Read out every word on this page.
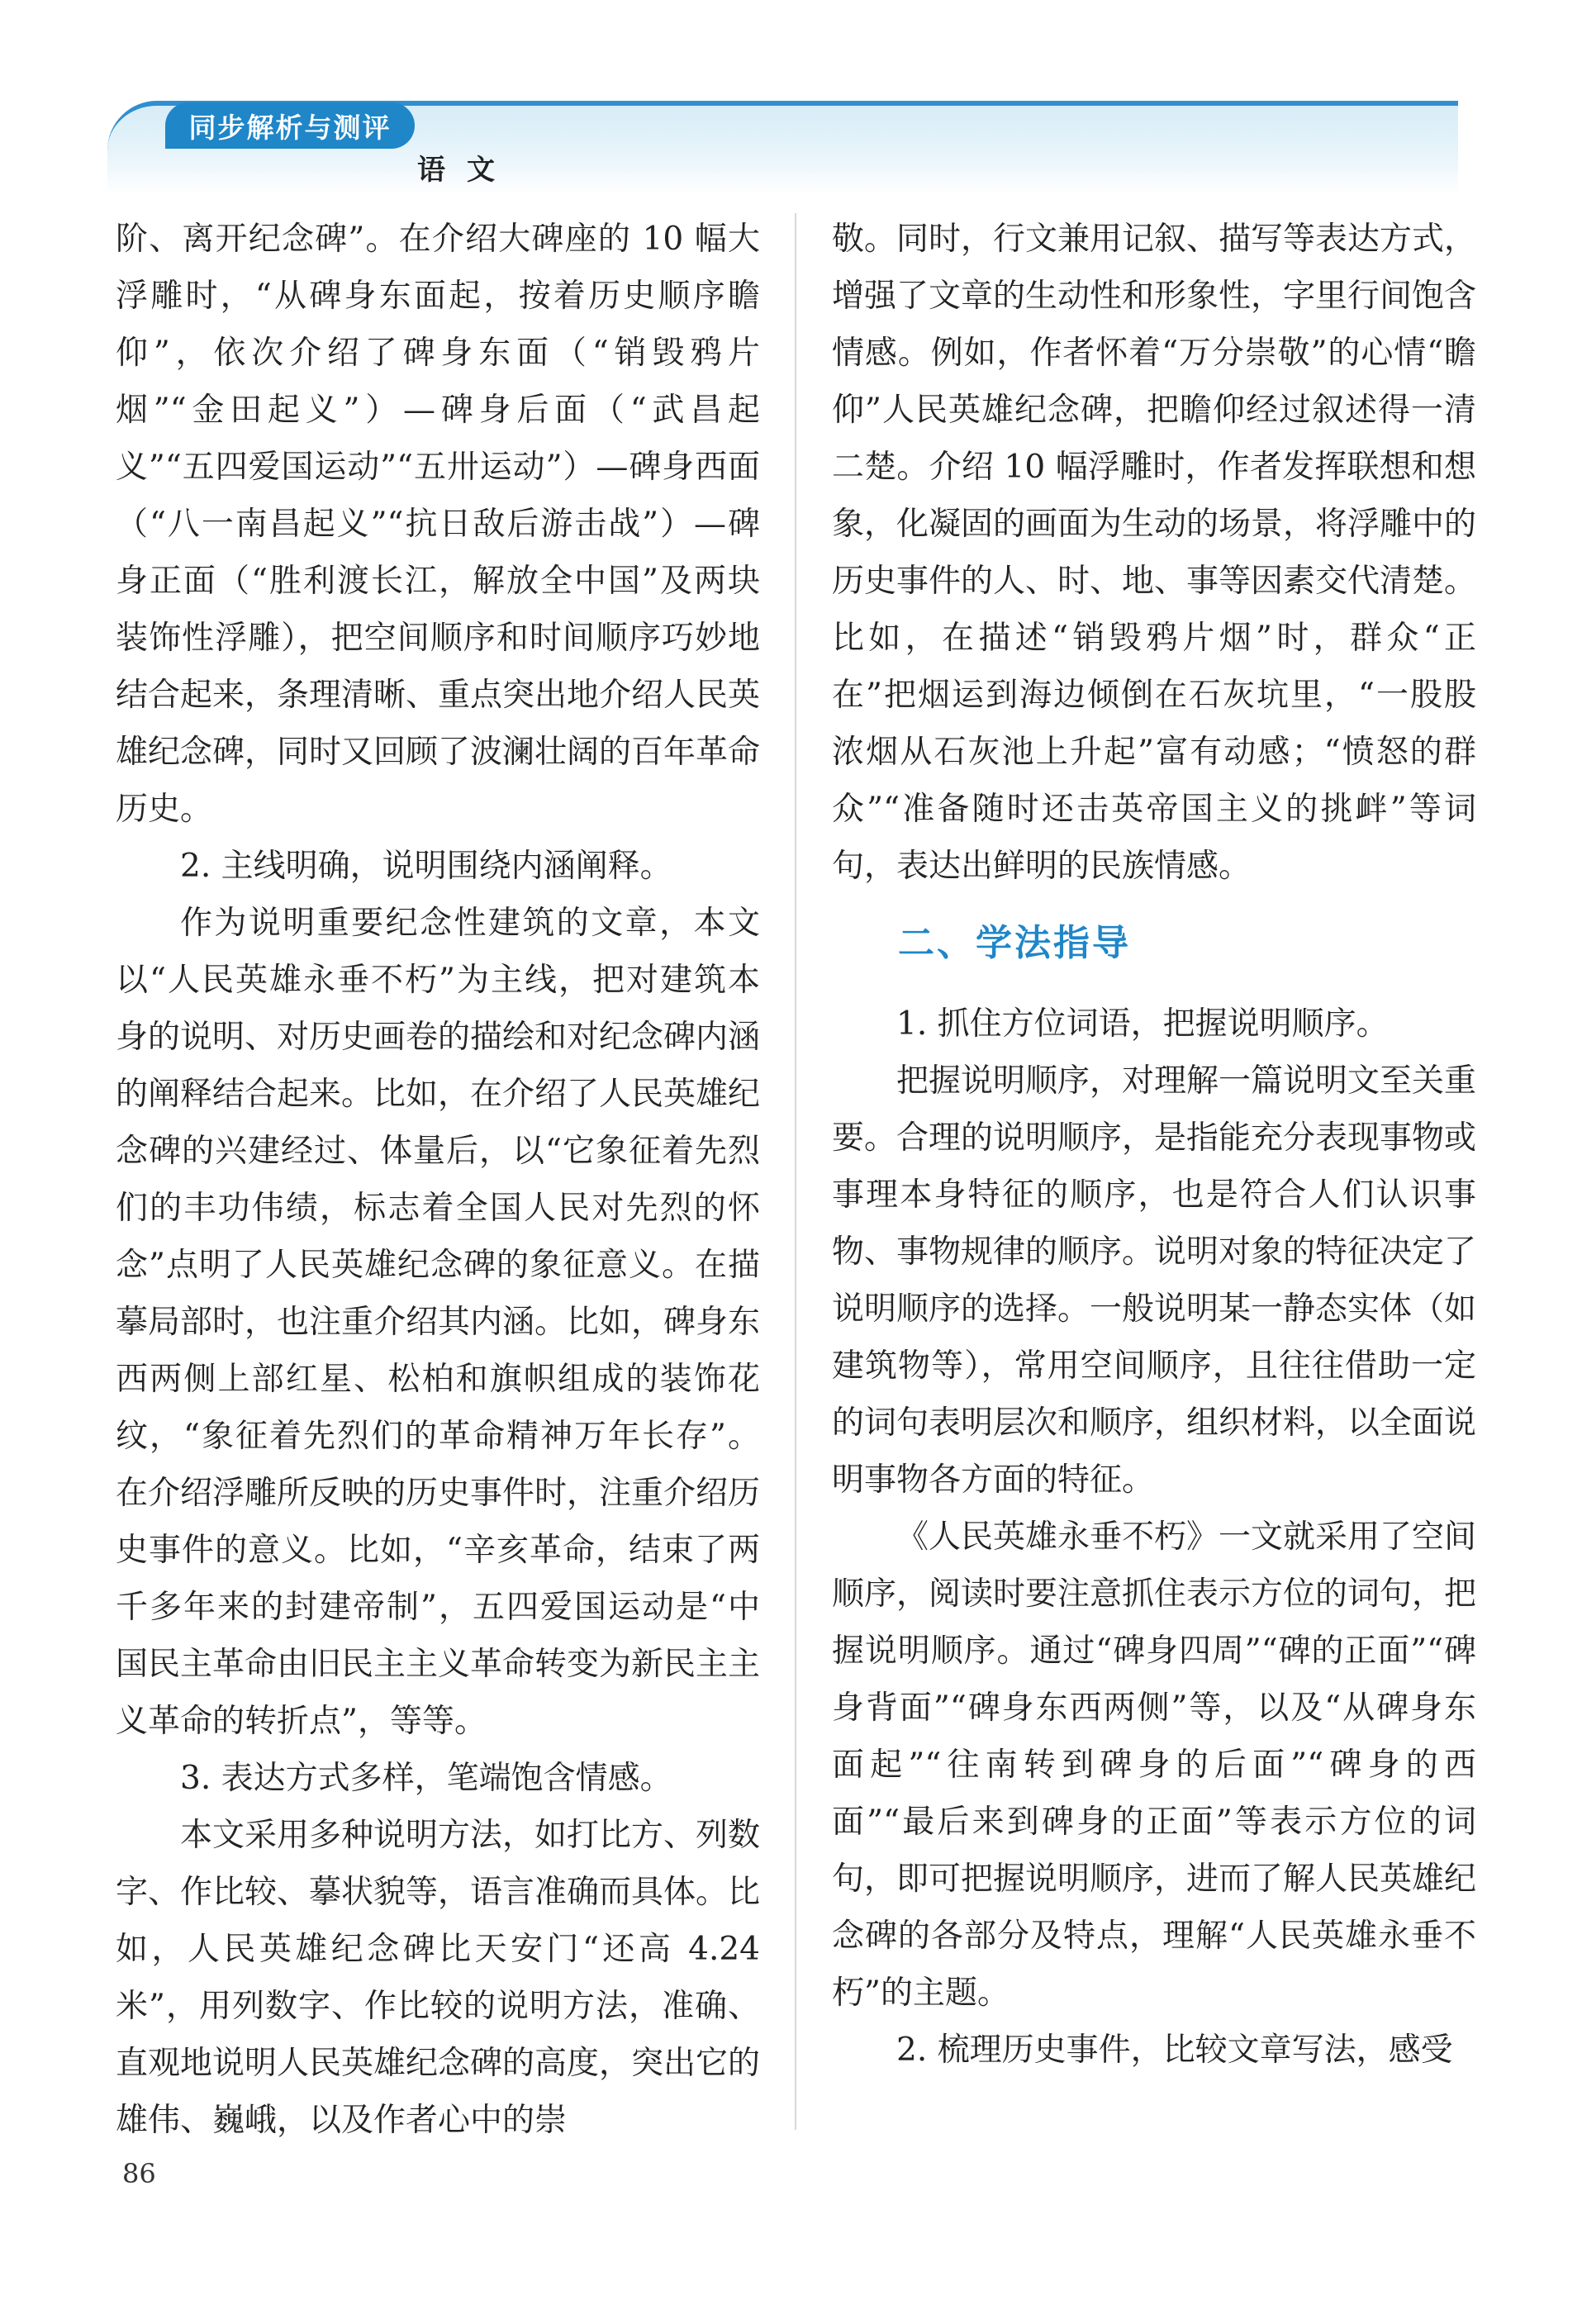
同步解析与测评
语文

阶、离开纪念碑”。在介绍大碑座的 10 幅大浮雕时，“从碑身东面起，按着历史顺序瞻仰”，依次介绍了碑身东面（“销毁鸦片烟”“金田起义”）—碑身后面（“武昌起义”“五四爱国运动”“五卅运动”）—碑身西面（“八一南昌起义”“抗日敌后游击战”）—碑身正面（“胜利渡长江，解放全中国”及两块装饰性浮雕），把空间顺序和时间顺序巧妙地结合起来，条理清晰、重点突出地介绍人民英雄纪念碑，同时又回顾了波澜壮阔的百年革命历史。

2. 主线明确，说明围绕内涵阐释。

作为说明重要纪念性建筑的文章，本文以“人民英雄永垂不朽”为主线，把对建筑本身的说明、对历史画卷的描绘和对纪念碑内涵的阐释结合起来。比如，在介绍了人民英雄纪念碑的兴建经过、体量后，以“它象征着先烈们的丰功伟绩，标志着全国人民对先烈的怀念”点明了人民英雄纪念碑的象征意义。在描摹局部时，也注重介绍其内涵。比如，碑身东西两侧上部红星、松柏和旗帜组成的装饰花纹，“象征着先烈们的革命精神万年长存”。在介绍浮雕所反映的历史事件时，注重介绍历史事件的意义。比如，“辛亥革命，结束了两千多年来的封建帝制”，五四爱国运动是“中国民主革命由旧民主主义革命转变为新民主主义革命的转折点”，等等。

3. 表达方式多样，笔端饱含情感。

本文采用多种说明方法，如打比方、列数字、作比较、摹状貌等，语言准确而具体。比如，人民英雄纪念碑比天安门“还高 4.24 米”，用列数字、作比较的说明方法，准确、直观地说明人民英雄纪念碑的高度，突出它的雄伟、巍峨，以及作者心中的崇

敬。同时，行文兼用记叙、描写等表达方式，增强了文章的生动性和形象性，字里行间饱含情感。例如，作者怀着“万分崇敬”的心情“瞻仰”人民英雄纪念碑，把瞻仰经过叙述得一清二楚。介绍 10 幅浮雕时，作者发挥联想和想象，化凝固的画面为生动的场景，将浮雕中的历史事件的人、时、地、事等因素交代清楚。比如，在描述“销毁鸦片烟”时，群众“正在”把烟运到海边倾倒在石灰坑里，“一股股浓烟从石灰池上升起”富有动感；“愤怒的群众”“准备随时还击英帝国主义的挑衅”等词句，表达出鲜明的民族情感。

二、学法指导

1. 抓住方位词语，把握说明顺序。

把握说明顺序，对理解一篇说明文至关重要。合理的说明顺序，是指能充分表现事物或事理本身特征的顺序，也是符合人们认识事物、事物规律的顺序。说明对象的特征决定了说明顺序的选择。一般说明某一静态实体（如建筑物等），常用空间顺序，且往往借助一定的词句表明层次和顺序，组织材料，以全面说明事物各方面的特征。

《人民英雄永垂不朽》一文就采用了空间顺序，阅读时要注意抓住表示方位的词句，把握说明顺序。通过“碑身四周”“碑的正面”“碑身背面”“碑身东西两侧”等，以及“从碑身东面起”“往南转到碑身的后面”“碑身的西面”“最后来到碑身的正面”等表示方位的词句，即可把握说明顺序，进而了解人民英雄纪念碑的各部分及特点，理解“人民英雄永垂不朽”的主题。

2. 梳理历史事件，比较文章写法，感受

86
